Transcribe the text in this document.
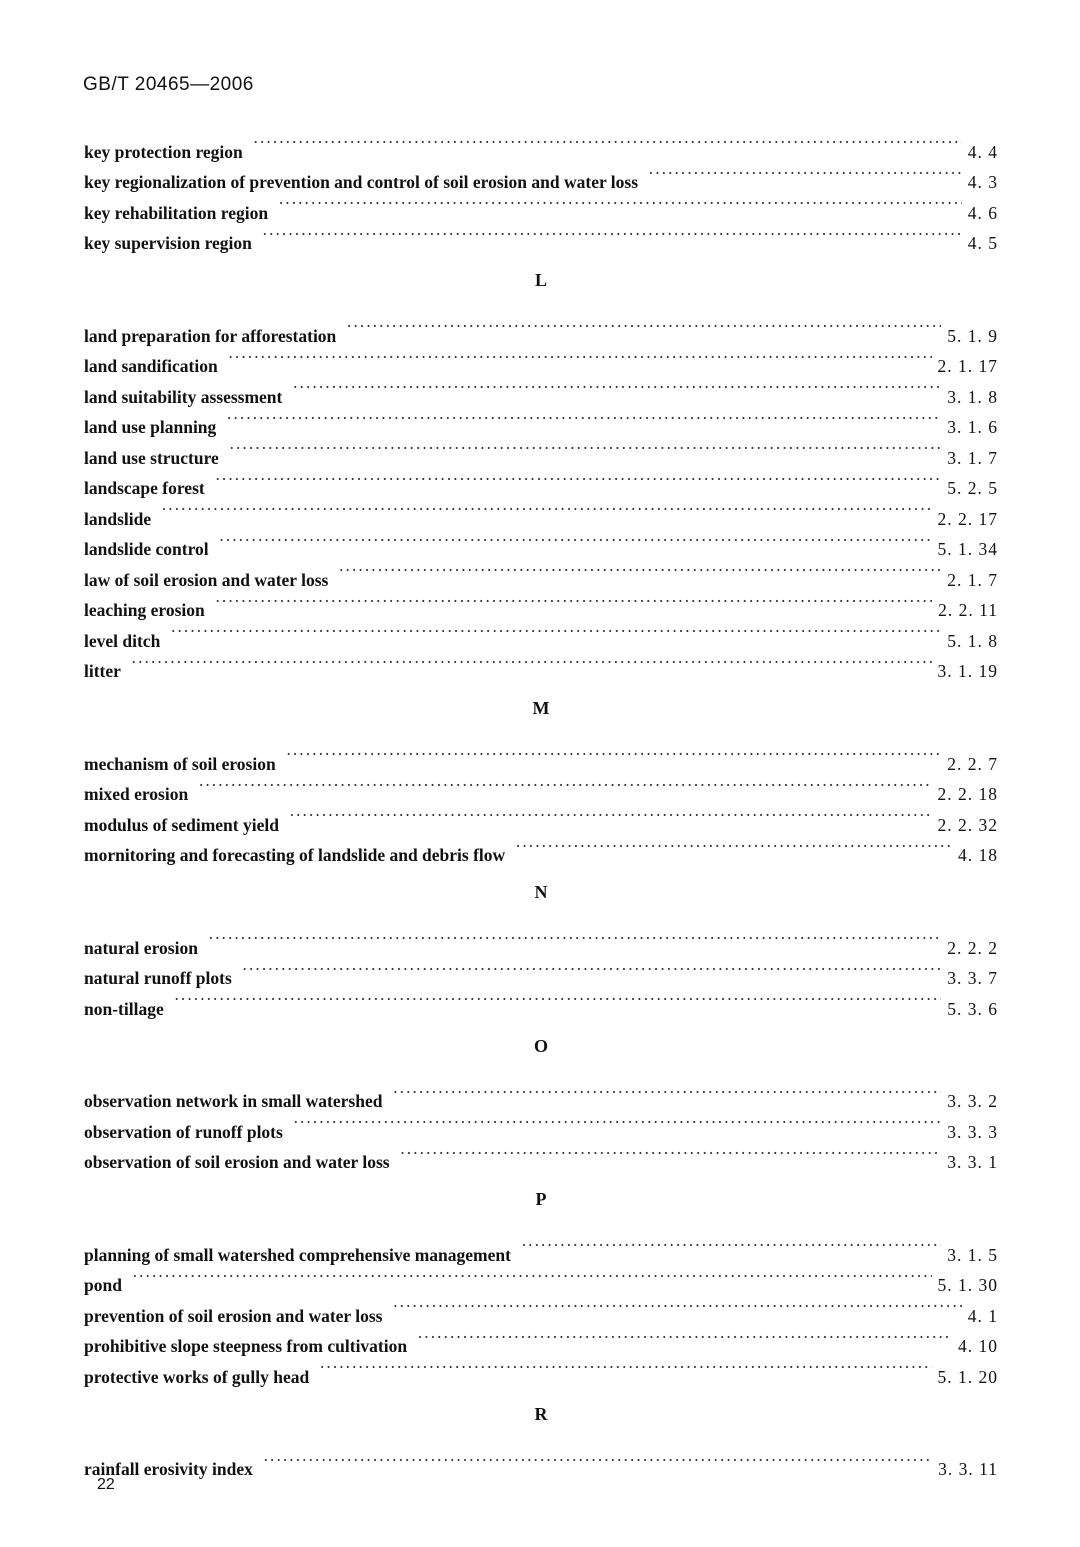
GB/T 20465—2006
key protection region ·····	4. 4
key regionalization of prevention and control of soil erosion and water loss ·····	4. 3
key rehabilitation region ·····	4. 6
key supervision region ·····	4. 5
L
land preparation for afforestation ·····	5. 1. 9
land sandification ·····	2. 1. 17
land suitability assessment ·····	3. 1. 8
land use planning ·····	3. 1. 6
land use structure ·····	3. 1. 7
landscape forest ·····	5. 2. 5
landslide ·····	2. 2. 17
landslide control ·····	5. 1. 34
law of soil erosion and water loss ·····	2. 1. 7
leaching erosion ·····	2. 2. 11
level ditch ·····	5. 1. 8
litter ·····	3. 1. 19
M
mechanism of soil erosion ·····	2. 2. 7
mixed erosion ·····	2. 2. 18
modulus of sediment yield ·····	2. 2. 32
mornitoring and forecasting of landslide and debris flow ·····	4. 18
N
natural erosion ·····	2. 2. 2
natural runoff plots ·····	3. 3. 7
non-tillage ·····	5. 3. 6
O
observation network in small watershed ·····	3. 3. 2
observation of runoff plots ·····	3. 3. 3
observation of soil erosion and water loss ·····	3. 3. 1
P
planning of small watershed comprehensive management ·····	3. 1. 5
pond ·····	5. 1. 30
prevention of soil erosion and water loss ·····	4. 1
prohibitive slope steepness from cultivation ·····	4. 10
protective works of gully head ·····	5. 1. 20
R
rainfall erosivity index ·····	3. 3. 11
22
